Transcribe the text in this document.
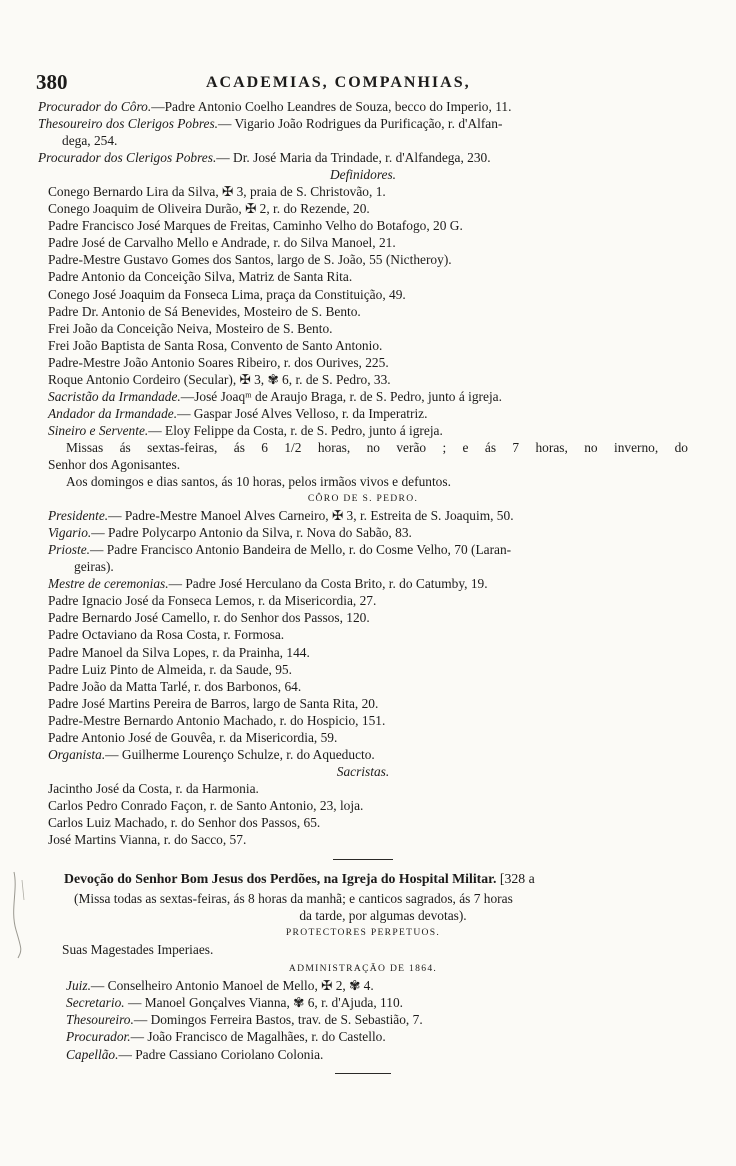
380	ACADEMIAS, COMPANHIAS,
Procurador do Côro.—Padre Antonio Coelho Leandres de Souza, becco do Imperio, 11.
Thesoureiro dos Clerigos Pobres.— Vigario João Rodrigues da Purificação, r. d'Alfan-
dega, 254.
Procurador dos Clerigos Pobres.— Dr. José Maria da Trindade, r. d'Alfandega, 230.
Definidores.
Conego Bernardo Lira da Silva, ✠ 3, praia de S. Christovão, 1.
Conego Joaquim de Oliveira Durão, ✠ 2, r. do Rezende, 20.
Padre Francisco José Marques de Freitas, Caminho Velho do Botafogo, 20 G.
Padre José de Carvalho Mello e Andrade, r. do Silva Manoel, 21.
Padre-Mestre Gustavo Gomes dos Santos, largo de S. João, 55 (Nictheroy).
Padre Antonio da Conceição Silva, Matriz de Santa Rita.
Conego José Joaquim da Fonseca Lima, praça da Constituição, 49.
Padre Dr. Antonio de Sá Benevides, Mosteiro de S. Bento.
Frei João da Conceição Neiva, Mosteiro de S. Bento.
Frei João Baptista de Santa Rosa, Convento de Santo Antonio.
Padre-Mestre João Antonio Soares Ribeiro, r. dos Ourives, 225.
Roque Antonio Cordeiro (Secular), ✠ 3, ✾ 6, r. de S. Pedro, 33.
Sacristão da Irmandade.—José Joaqᵐ de Araujo Braga, r. de S. Pedro, junto á igreja.
Andador da Irmandade.— Gaspar José Alves Velloso, r. da Imperatriz.
Sineiro e Servente.— Eloy Felippe da Costa, r. de S. Pedro, junto á igreja.
Missas ás sextas-feiras, ás 6 1/2 horas, no verão ; e ás 7 horas, no inverno, do
Senhor dos Agonisantes.
Aos domingos e dias santos, ás 10 horas, pelos irmãos vivos e defuntos.
CÔRO DE S. PEDRO.
Presidente.— Padre-Mestre Manoel Alves Carneiro, ✠ 3, r. Estreita de S. Joaquim, 50.
Vigario.— Padre Polycarpo Antonio da Silva, r. Nova do Sabão, 83.
Prioste.— Padre Francisco Antonio Bandeira de Mello, r. do Cosme Velho, 70 (Laran-
geiras).
Mestre de ceremonias.— Padre José Herculano da Costa Brito, r. do Catumby, 19.
Padre Ignacio José da Fonseca Lemos, r. da Misericordia, 27.
Padre Bernardo José Camello, r. do Senhor dos Passos, 120.
Padre Octaviano da Rosa Costa, r. Formosa.
Padre Manoel da Silva Lopes, r. da Prainha, 144.
Padre Luiz Pinto de Almeida, r. da Saude, 95.
Padre João da Matta Tarlé, r. dos Barbonos, 64.
Padre José Martins Pereira de Barros, largo de Santa Rita, 20.
Padre-Mestre Bernardo Antonio Machado, r. do Hospicio, 151.
Padre Antonio José de Gouvêa, r. da Misericordia, 59.
Organista.— Guilherme Lourenço Schulze, r. do Aqueducto.
Sacristas.
Jacintho José da Costa, r. da Harmonia.
Carlos Pedro Conrado Façon, r. de Santo Antonio, 23, loja.
Carlos Luiz Machado, r. do Senhor dos Passos, 65.
José Martins Vianna, r. do Sacco, 57.
Devoção do Senhor Bom Jesus dos Perdões, na Igreja do Hospital Militar. [328 a
(Missa todas as sextas-feiras, ás 8 horas da manhã; e canticos sagrados, ás 7 horas
da tarde, por algumas devotas).
PROTECTORES PERPETUOS.
Suas Magestades Imperiaes.
ADMINISTRAÇÃO DE 1864.
Juiz.— Conselheiro Antonio Manoel de Mello, ✠ 2, ✾ 4.
Secretario. — Manoel Gonçalves Vianna, ✾ 6, r. d'Ajuda, 110.
Thesoureiro.— Domingos Ferreira Bastos, trav. de S. Sebastião, 7.
Procurador.— João Francisco de Magalhães, r. do Castello.
Capellão.— Padre Cassiano Coriolano Colonia.
